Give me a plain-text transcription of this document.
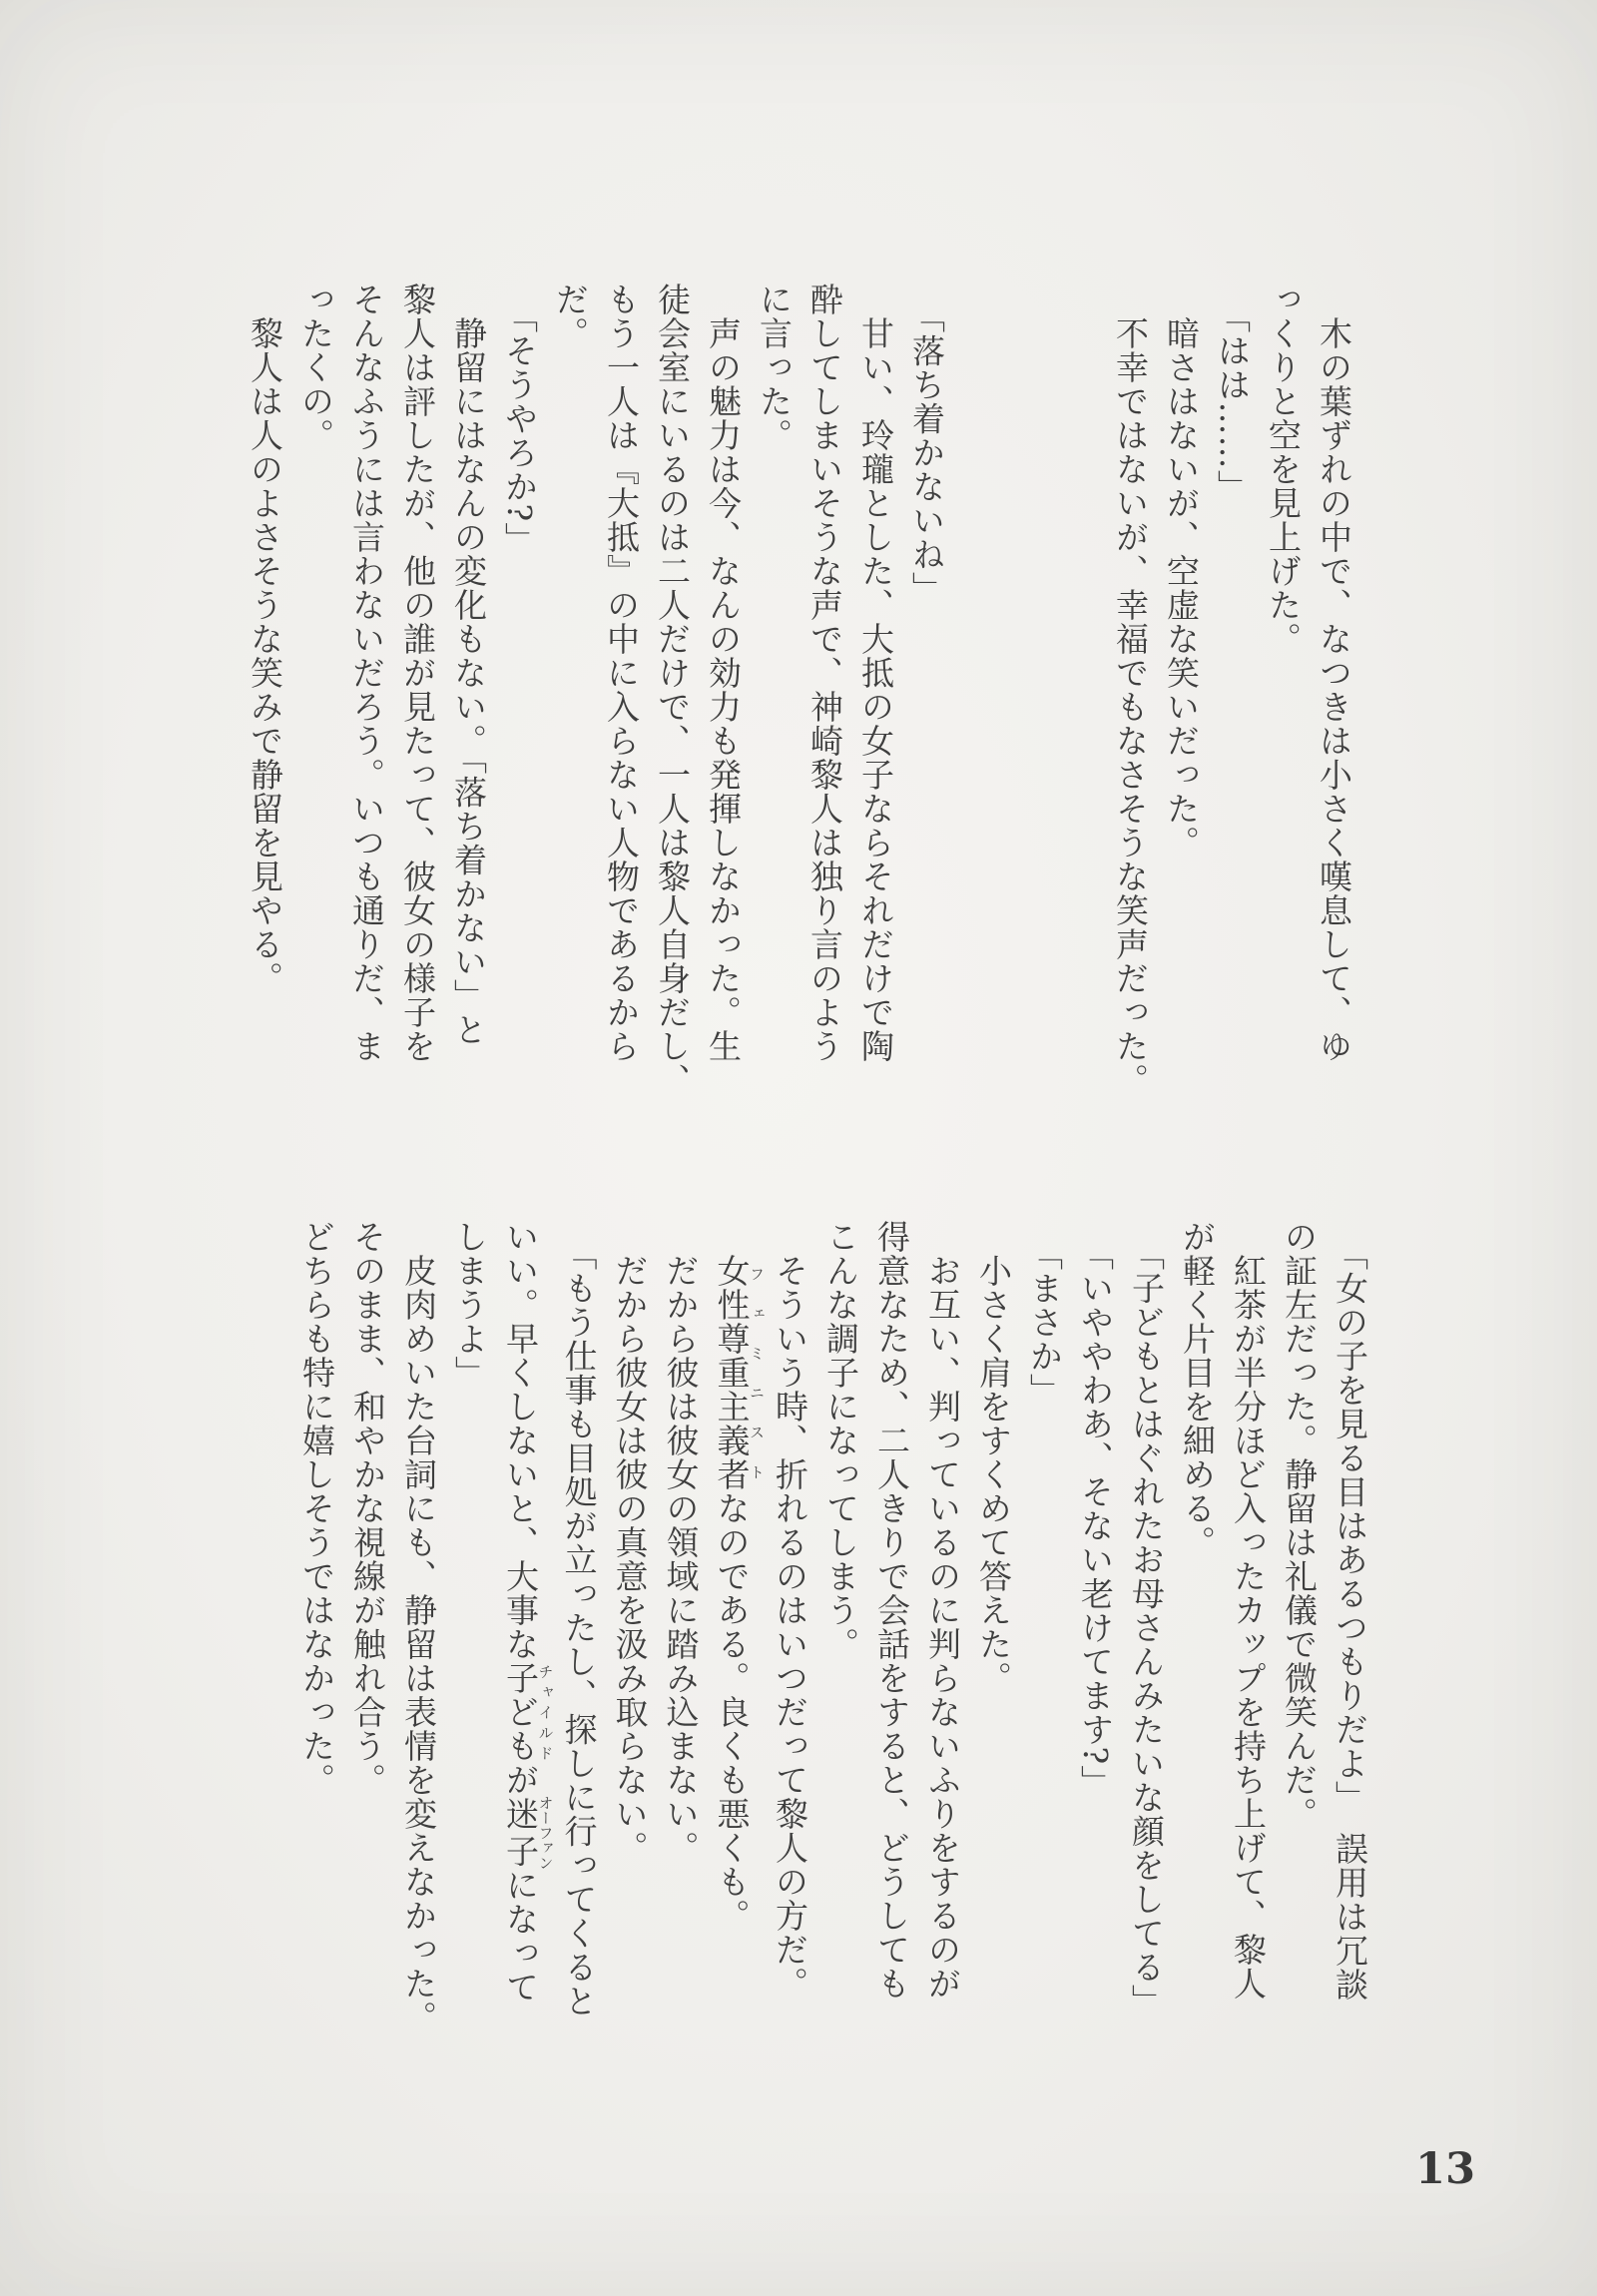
　木の葉ずれの中で、なつきは小さく嘆息して、ゆ

っくりと空を見上げた。

　「はは……」

　暗さはないが、空虚な笑いだった。

　不幸ではないが、幸福でもなさそうな笑声だった。

　「落ち着かないね」

　甘い、玲瓏とした、大抵の女子ならそれだけで陶

酔してしまいそうな声で、神崎黎人は独り言のよう

に言った。

　声の魅力は今、なんの効力も発揮しなかった。生

徒会室にいるのは二人だけで、一人は黎人自身だし、

もう一人は『大抵』の中に入らない人物であるから

だ。

　「そうやろか?」

　静留にはなんの変化もない。「落ち着かない」と

黎人は評したが、他の誰が見たって、彼女の様子を

そんなふうには言わないだろう。いつも通りだ、ま

ったくの。

　黎人は人のよさそうな笑みで静留を見やる。

　「女の子を見る目はあるつもりだよ」　誤用は冗談

の証左だった。静留は礼儀で微笑んだ。

　紅茶が半分ほど入ったカップを持ち上げて、黎人

が軽く片目を細める。

　「子どもとはぐれたお母さんみたいな顔をしてる」

　「いややわあ、そない老けてます?」

　「まさか」

　小さく肩をすくめて答えた。

　お互い、判っているのに判らないふりをするのが

得意なため、二人きりで会話をすると、どうしても

こんな調子になってしまう。

　そういう時、折れるのはいつだって黎人の方だ。

　女性尊重主義者フェミニストなのである。良くも悪くも。

　だから彼は彼女の領域に踏み込まない。

　だから彼女は彼の真意を汲み取らない。

　「もう仕事も目処が立ったし、探しに行ってくると

いい。早くしないと、大事な子どもチャイルドが迷子オーファンになって

しまうよ」

　皮肉めいた台詞にも、静留は表情を変えなかった。

そのまま、和やかな視線が触れ合う。

どちらも特に嬉しそうではなかった。

13
